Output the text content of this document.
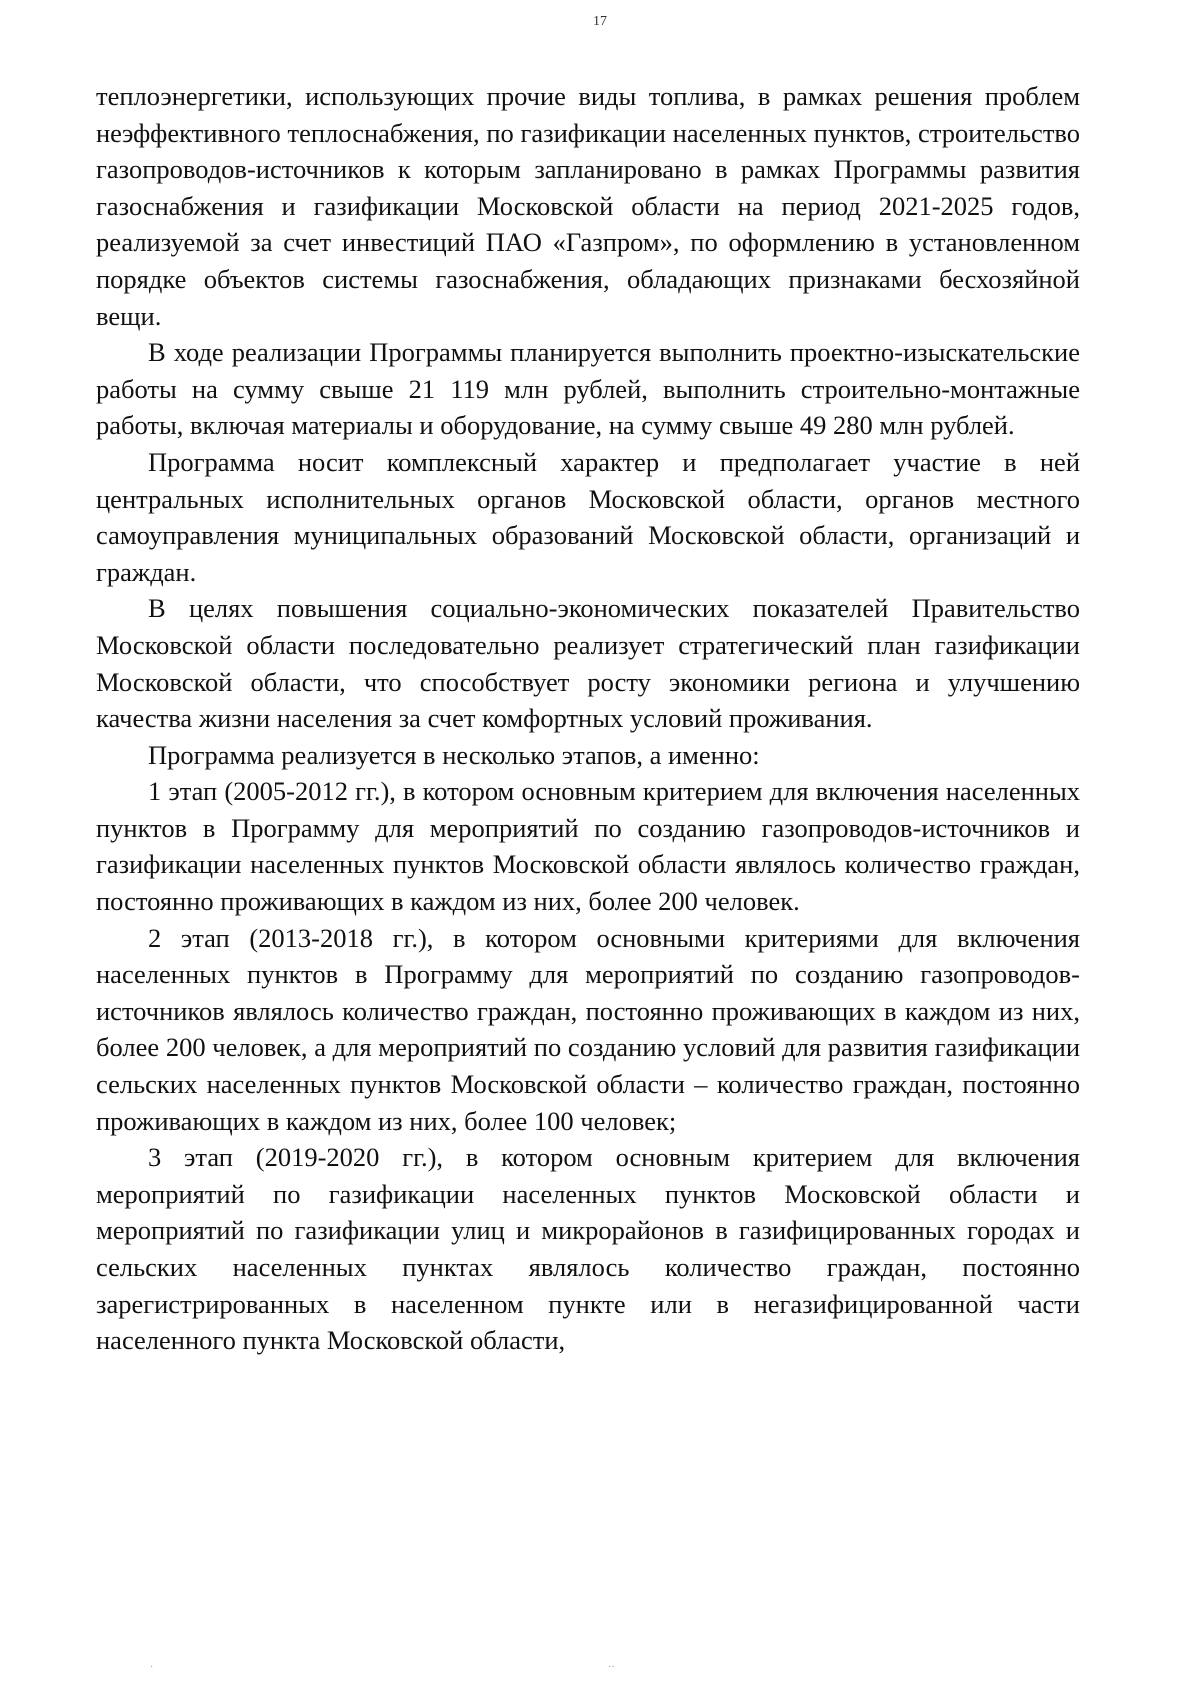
17

теплоэнергетики, использующих прочие виды топлива, в рамках решения проблем неэффективного теплоснабжения, по газификации населенных пунктов, строительство газопроводов-источников к которым запланировано в рамках Программы развития газоснабжения и газификации Московской области на период 2021-2025 годов, реализуемой за счет инвестиций ПАО «Газпром», по оформлению в установленном порядке объектов системы газоснабжения, обладающих признаками бесхозяйной вещи.

В ходе реализации Программы планируется выполнить проектно-изыскательские работы на сумму свыше 21 119 млн рублей, выполнить строительно-монтажные работы, включая материалы и оборудование, на сумму свыше 49 280 млн рублей.

Программа носит комплексный характер и предполагает участие в ней центральных исполнительных органов Московской области, органов местного самоуправления муниципальных образований Московской области, организаций и граждан.

В целях повышения социально-экономических показателей Правительство Московской области последовательно реализует стратегический план газификации Московской области, что способствует росту экономики региона и улучшению качества жизни населения за счет комфортных условий проживания.

Программа реализуется в несколько этапов, а именно:

1 этап (2005-2012 гг.), в котором основным критерием для включения населенных пунктов в Программу для мероприятий по созданию газопроводов-источников и газификации населенных пунктов Московской области являлось количество граждан, постоянно проживающих в каждом из них, более 200 человек.

2 этап (2013-2018 гг.), в котором основными критериями для включения населенных пунктов в Программу для мероприятий по созданию газопроводов-источников являлось количество граждан, постоянно проживающих в каждом из них, более 200 человек, а для мероприятий по созданию условий для развития газификации сельских населенных пунктов Московской области – количество граждан, постоянно проживающих в каждом из них, более 100 человек;

3 этап (2019-2020 гг.), в котором основным критерием для включения мероприятий по газификации населенных пунктов Московской области и мероприятий по газификации улиц и микрорайонов в газифицированных городах и сельских населенных пунктах являлось количество граждан, постоянно зарегистрированных в населенном пункте или в негазифицированной части населенного пункта Московской области,

·	··
